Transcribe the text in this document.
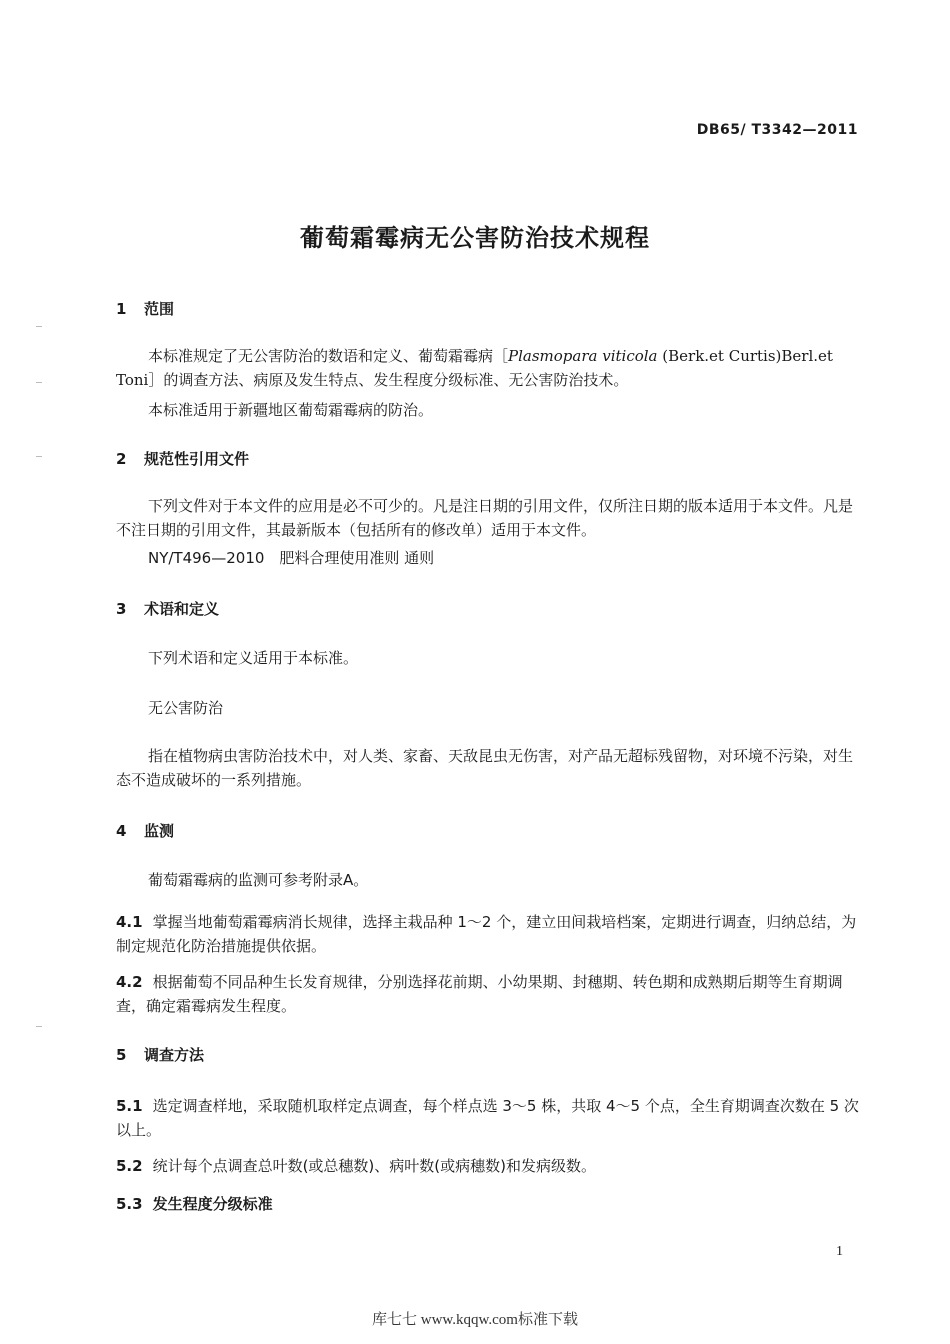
DB65/ T3342—2011
葡萄霜霉病无公害防治技术规程
1 范围
本标准规定了无公害防治的数语和定义、葡萄霜霉病［Plasmopara viticola (Berk.et Curtis)Berl.et Toni］的调查方法、病原及发生特点、发生程度分级标准、无公害防治技术。
本标准适用于新疆地区葡萄霜霉病的防治。
2 规范性引用文件
下列文件对于本文件的应用是必不可少的。凡是注日期的引用文件，仅所注日期的版本适用于本文件。凡是不注日期的引用文件，其最新版本（包括所有的修改单）适用于本文件。
NY/T496—2010　肥料合理使用准则 通则
3 术语和定义
下列术语和定义适用于本标准。
无公害防治
指在植物病虫害防治技术中，对人类、家畜、天敌昆虫无伤害，对产品无超标残留物，对环境不污染，对生态不造成破坏的一系列措施。
4 监测
葡萄霜霉病的监测可参考附录A。
4.1 掌握当地葡萄霜霉病消长规律，选择主栽品种 1～2 个，建立田间栽培档案，定期进行调查，归纳总结，为制定规范化防治措施提供依据。
4.2 根据葡萄不同品种生长发育规律，分别选择花前期、小幼果期、封穗期、转色期和成熟期后期等生育期调查，确定霜霉病发生程度。
5 调查方法
5.1 选定调查样地，采取随机取样定点调查，每个样点选 3～5 株，共取 4～5 个点，全生育期调查次数在 5 次以上。
5.2 统计每个点调查总叶数(或总穗数)、病叶数(或病穗数)和发病级数。
5.3 发生程度分级标准
1
库七七 www.kqqw.com标准下载
